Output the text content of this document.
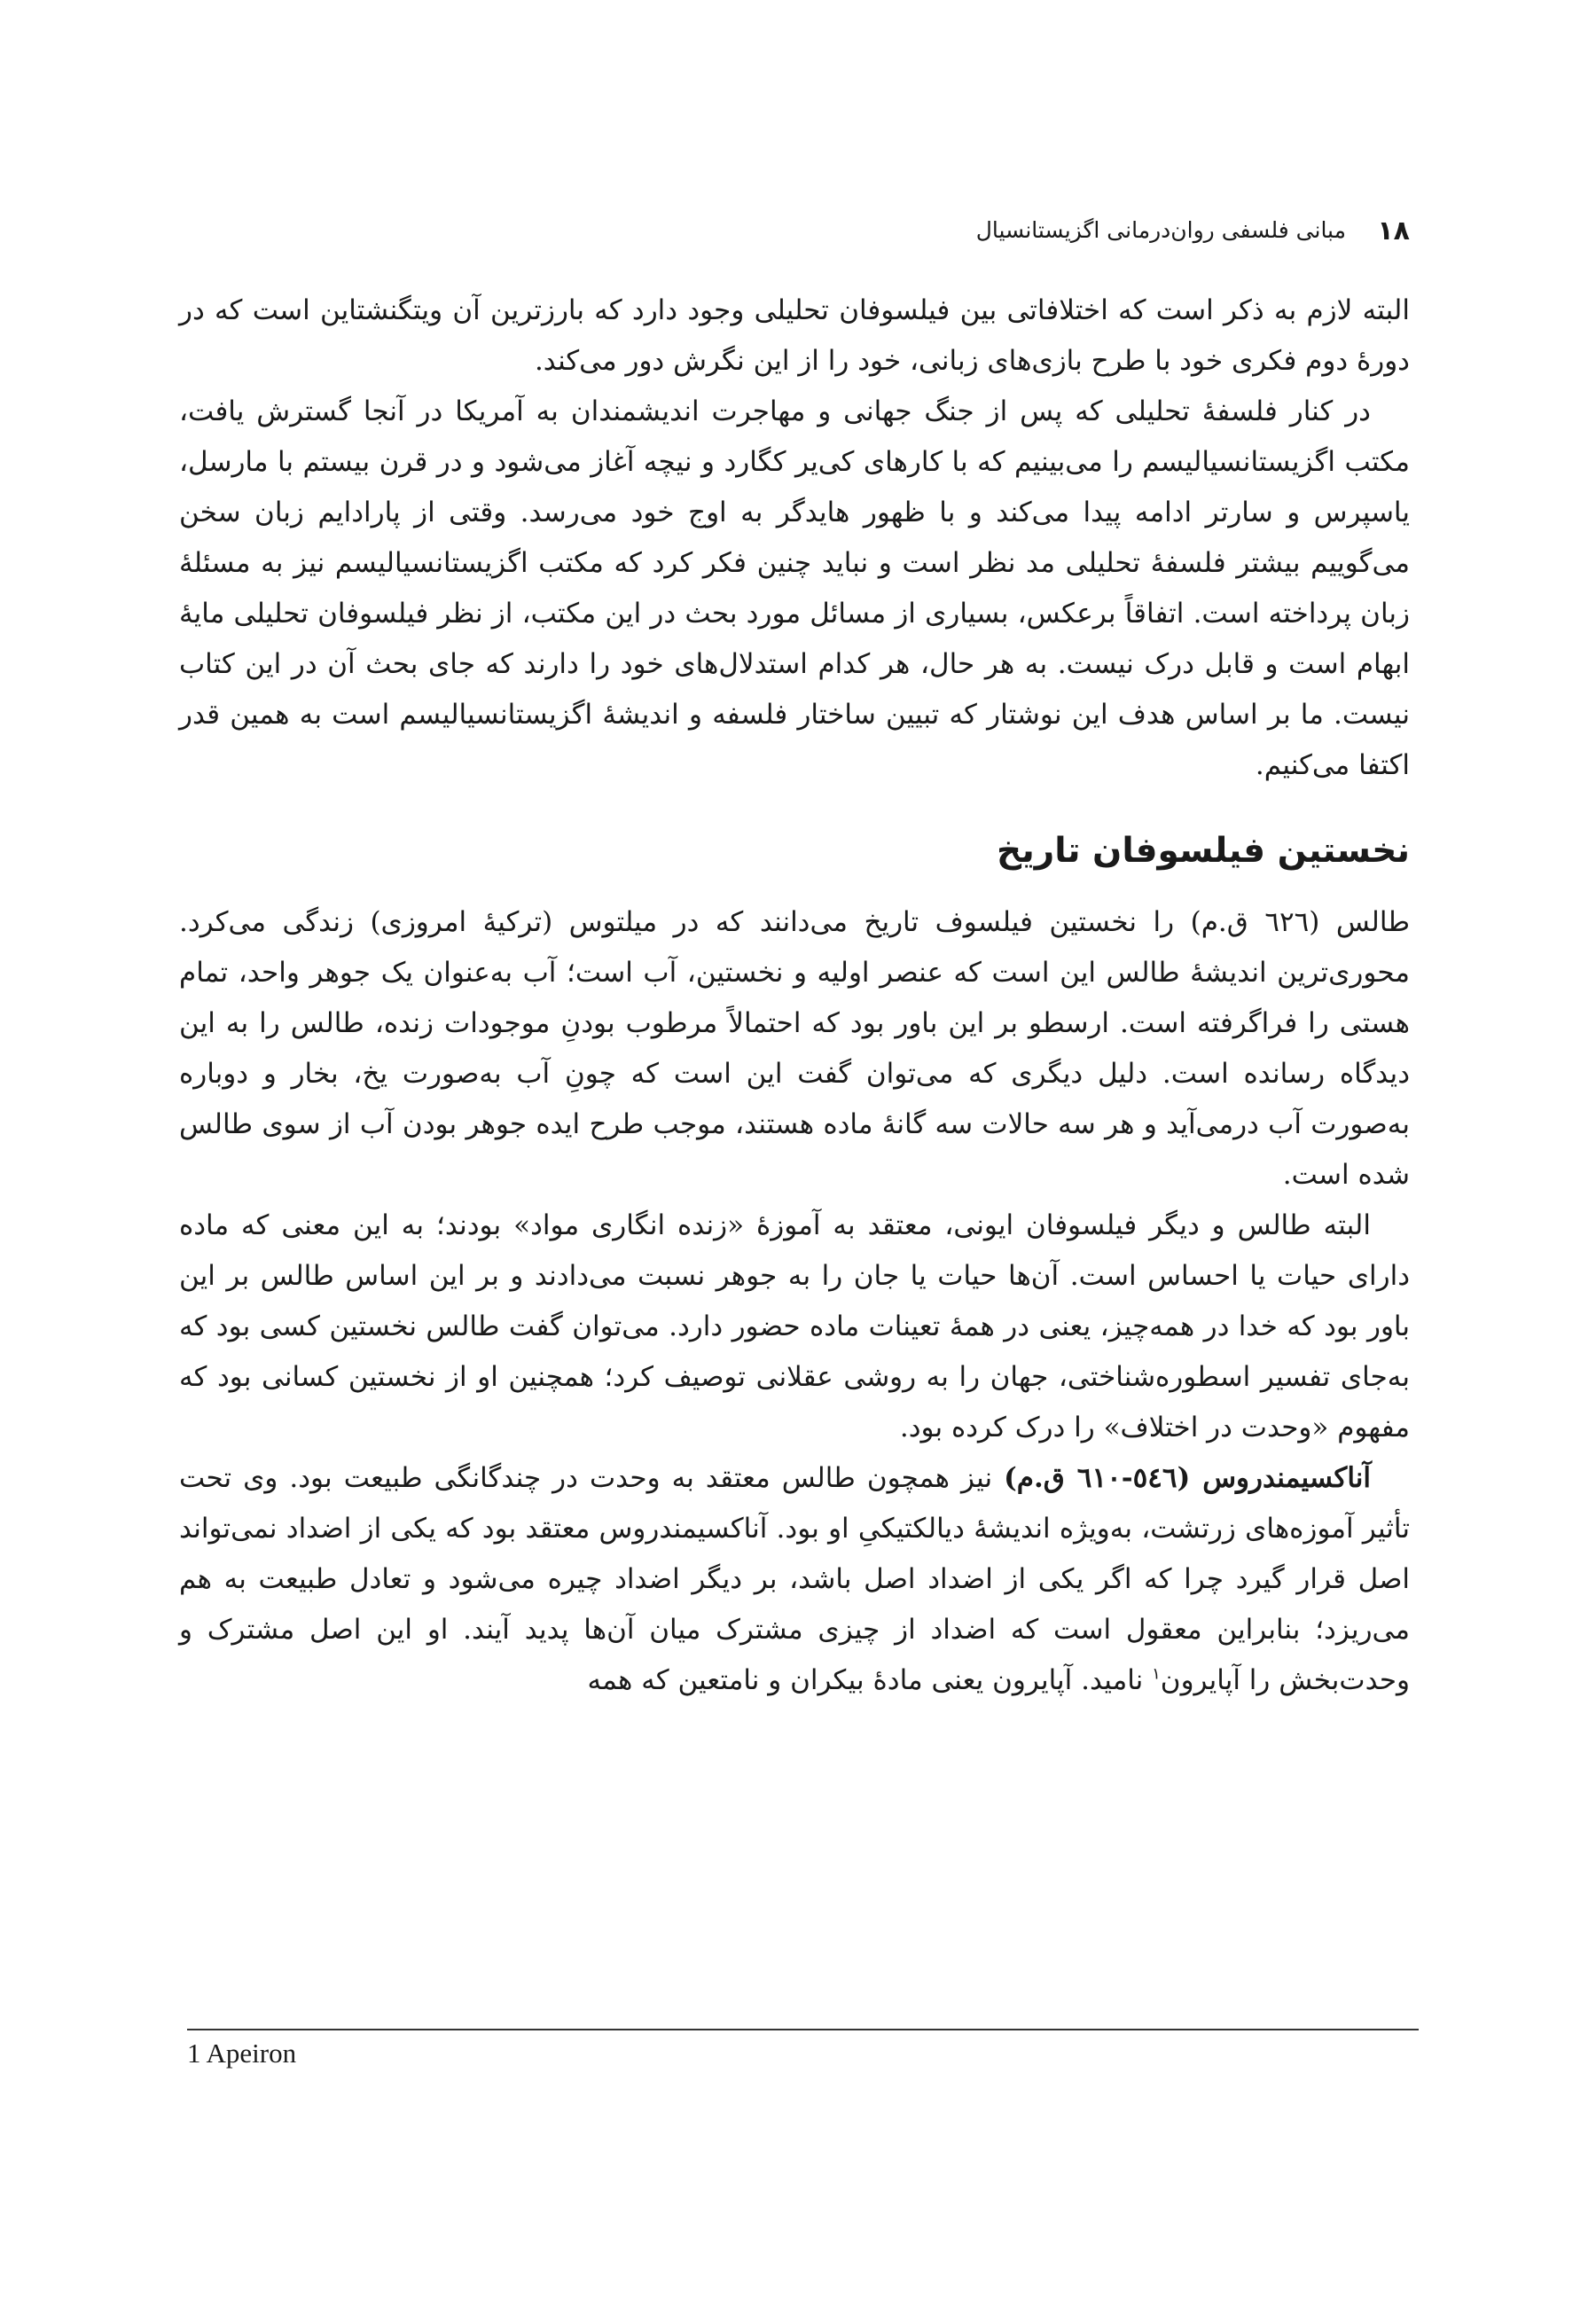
۱۸
مبانی فلسفی روان‌درمانی اگزیستانسیال

البته لازم به ذکر است که اختلافاتی بین فیلسوفان تحلیلی وجود دارد که بارزترین آن ویتگنشتاین است که در دورهٔ دوم فکری خود با طرح بازی‌های زبانی، خود را از این نگرش دور می‌کند.

در کنار فلسفهٔ تحلیلی که پس از جنگ جهانی و مهاجرت اندیشمندان به آمریکا در آنجا گسترش یافت، مکتب اگزیستانسیالیسم را می‌بینیم که با کارهای کی‌یر کگارد و نیچه آغاز می‌شود و در قرن بیستم با مارسل، یاسپرس و سارتر ادامه پیدا می‌کند و با ظهور هایدگر به اوج خود می‌رسد. وقتی از پارادایم زبان سخن می‌گوییم بیشتر فلسفهٔ تحلیلی مد نظر است و نباید چنین فکر کرد که مکتب اگزیستانسیالیسم نیز به مسئلهٔ زبان پرداخته است. اتفاقاً برعکس، بسیاری از مسائل مورد بحث در این مکتب، از نظر فیلسوفان تحلیلی مایهٔ ابهام است و قابل درک نیست. به هر حال، هر کدام استدلال‌های خود را دارند که جای بحث آن در این کتاب نیست. ما بر اساس هدف این نوشتار که تبیین ساختار فلسفه و اندیشهٔ اگزیستانسیالیسم است به همین قدر اکتفا می‌کنیم.

نخستین فیلسوفان تاریخ

طالس (٦٢٦ ق.م) را نخستین فیلسوف تاریخ می‌دانند که در میلتوس (ترکیهٔ امروزی) زندگی می‌کرد. محوری‌ترین اندیشهٔ طالس این است که عنصر اولیه و نخستین، آب است؛ آب به‌عنوان یک جوهر واحد، تمام هستی را فراگرفته است. ارسطو بر این باور بود که احتمالاً مرطوب بودنِ موجودات زنده، طالس را به این دیدگاه رسانده است. دلیل دیگری که می‌توان گفت این است که چونِ آب به‌صورت یخ، بخار و دوباره به‌صورت آب درمی‌آید و هر سه حالات سه گانهٔ ماده هستند، موجب طرح ایده جوهر بودن آب از سوی طالس شده است.

البته طالس و دیگر فیلسوفان ایونی، معتقد به آموزهٔ «زنده انگاری مواد» بودند؛ به این معنی که ماده دارای حیات یا احساس است. آن‌ها حیات یا جان را به جوهر نسبت می‌دادند و بر این اساس طالس بر این باور بود که خدا در همه‌چیز، یعنی در همهٔ تعینات ماده حضور دارد. می‌توان گفت طالس نخستین کسی بود که به‌جای تفسیر اسطوره‌شناختی، جهان را به روشی عقلانی توصیف کرد؛ همچنین او از نخستین کسانی بود که مفهوم «وحدت در اختلاف» را درک کرده بود.

آناکسیمندروس (٥٤٦-٦١٠ ق.م) نیز همچون طالس معتقد به وحدت در چندگانگی طبیعت بود. وی تحت تأثیر آموزه‌های زرتشت، به‌ویژه اندیشهٔ دیالکتیکیِ او بود. آناکسیمندروس معتقد بود که یکی از اضداد نمی‌تواند اصل قرار گیرد چرا که اگر یکی از اضداد اصل باشد، بر دیگر اضداد چیره می‌شود و تعادل طبیعت به هم می‌ریزد؛ بنابراین معقول است که اضداد از چیزی مشترک میان آن‌ها پدید آیند. او این اصل مشترک و وحدت‌بخش را آپایرون$^۱$ نامید. آپایرون یعنی مادهٔ بیکران و نامتعین که همه

1 Apeiron
